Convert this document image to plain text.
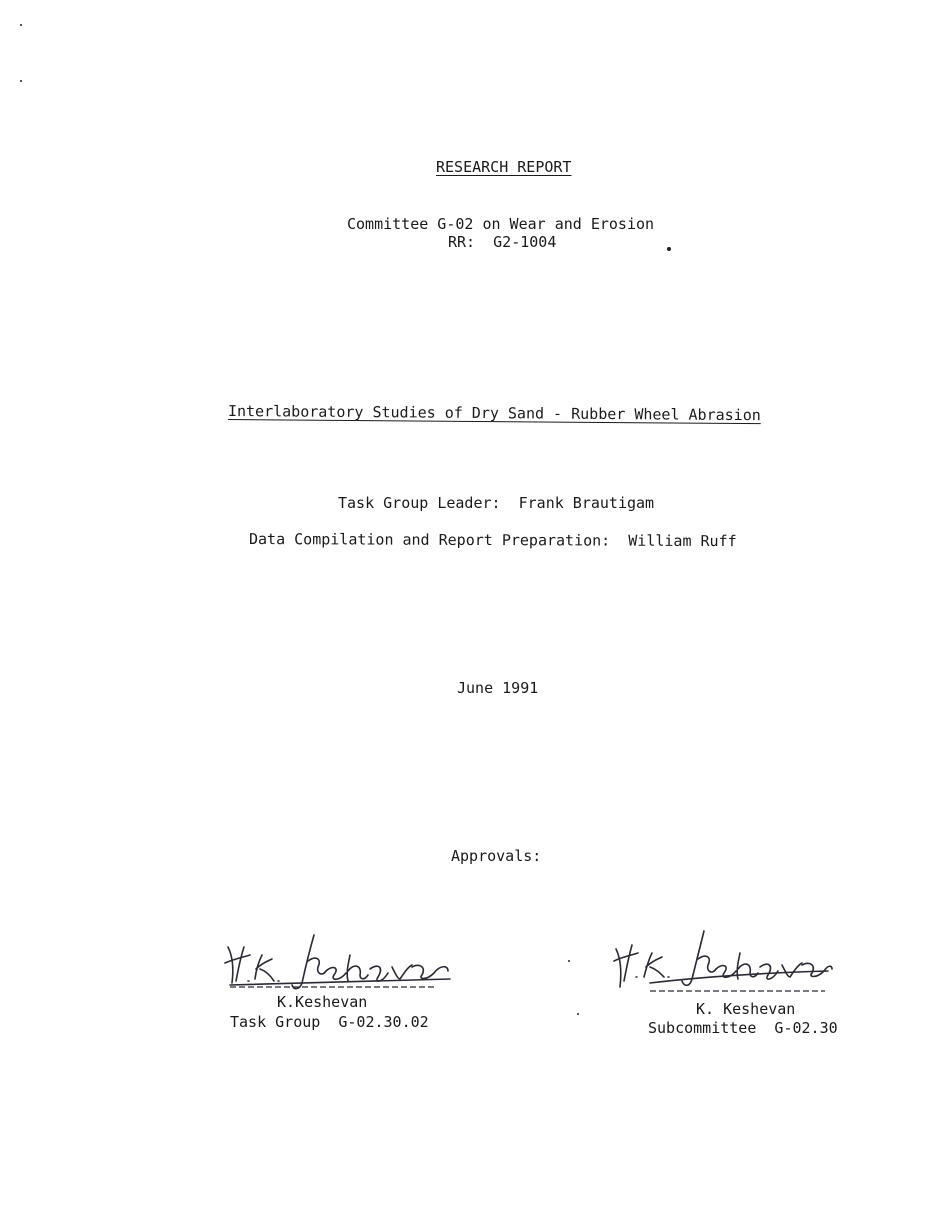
RESEARCH REPORT
Committee G-02 on Wear and Erosion
RR:  G2-1004
Interlaboratory Studies of Dry Sand - Rubber Wheel Abrasion
Task Group Leader:  Frank Brautigam
Data Compilation and Report Preparation:  William Ruff
June 1991
Approvals:
K.Keshevan
Task Group  G-02.30.02
K. Keshevan
Subcommittee  G-02.30
